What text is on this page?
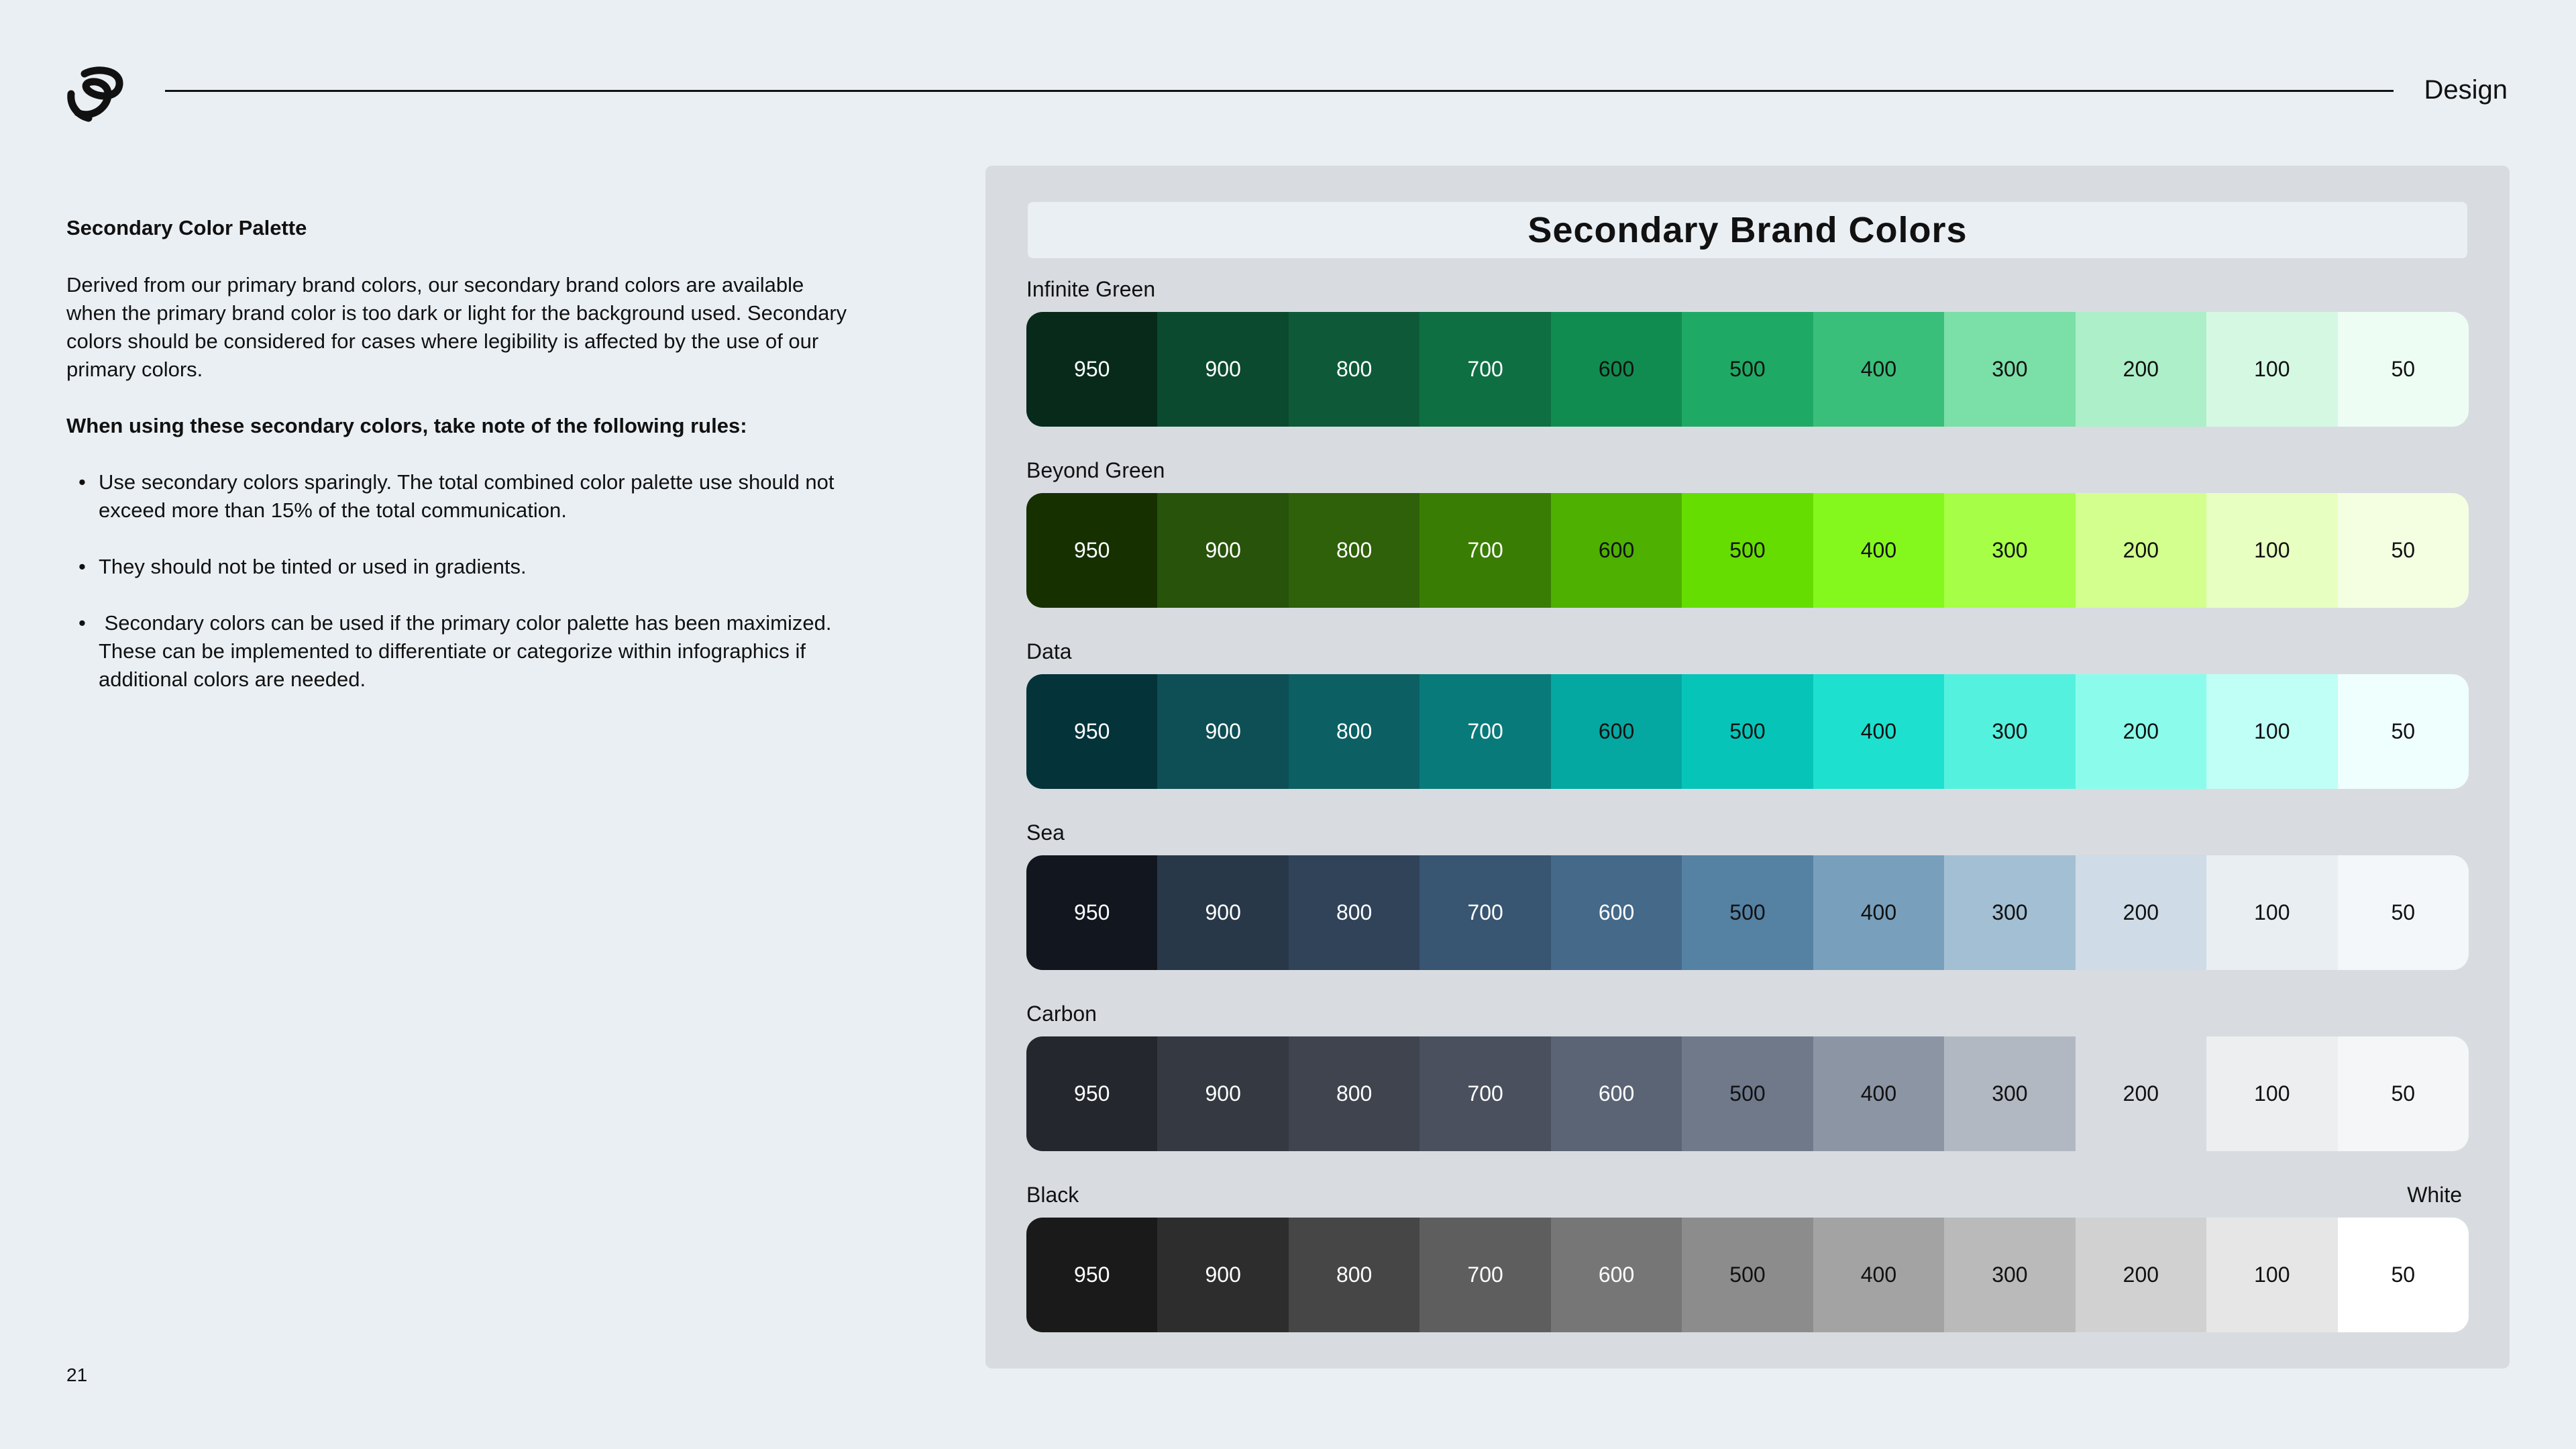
Design
Secondary Color Palette

Derived from our primary brand colors, our secondary brand colors are available when the primary brand color is too dark or light for the background used. Secondary colors should be considered for cases where legibility is affected by the use of our primary colors.

When using these secondary colors, take note of the following rules:

• Use secondary colors sparingly. The total combined color palette use should not exceed more than 15% of the total communication.
• They should not be tinted or used in gradients.
• Secondary colors can be used if the primary color palette has been maximized. These can be implemented to differentiate or categorize within infographics if additional colors are needed.
21
Secondary Brand Colors
Infinite Green
950	900	800	700	600	500	400	300	200	100	50
Beyond Green
950	900	800	700	600	500	400	300	200	100	50
Data
950	900	800	700	600	500	400	300	200	100	50
Sea
950	900	800	700	600	500	400	300	200	100	50
Carbon
950	900	800	700	600	500	400	300	200	100	50
Black	White
950	900	800	700	600	500	400	300	200	100	50
